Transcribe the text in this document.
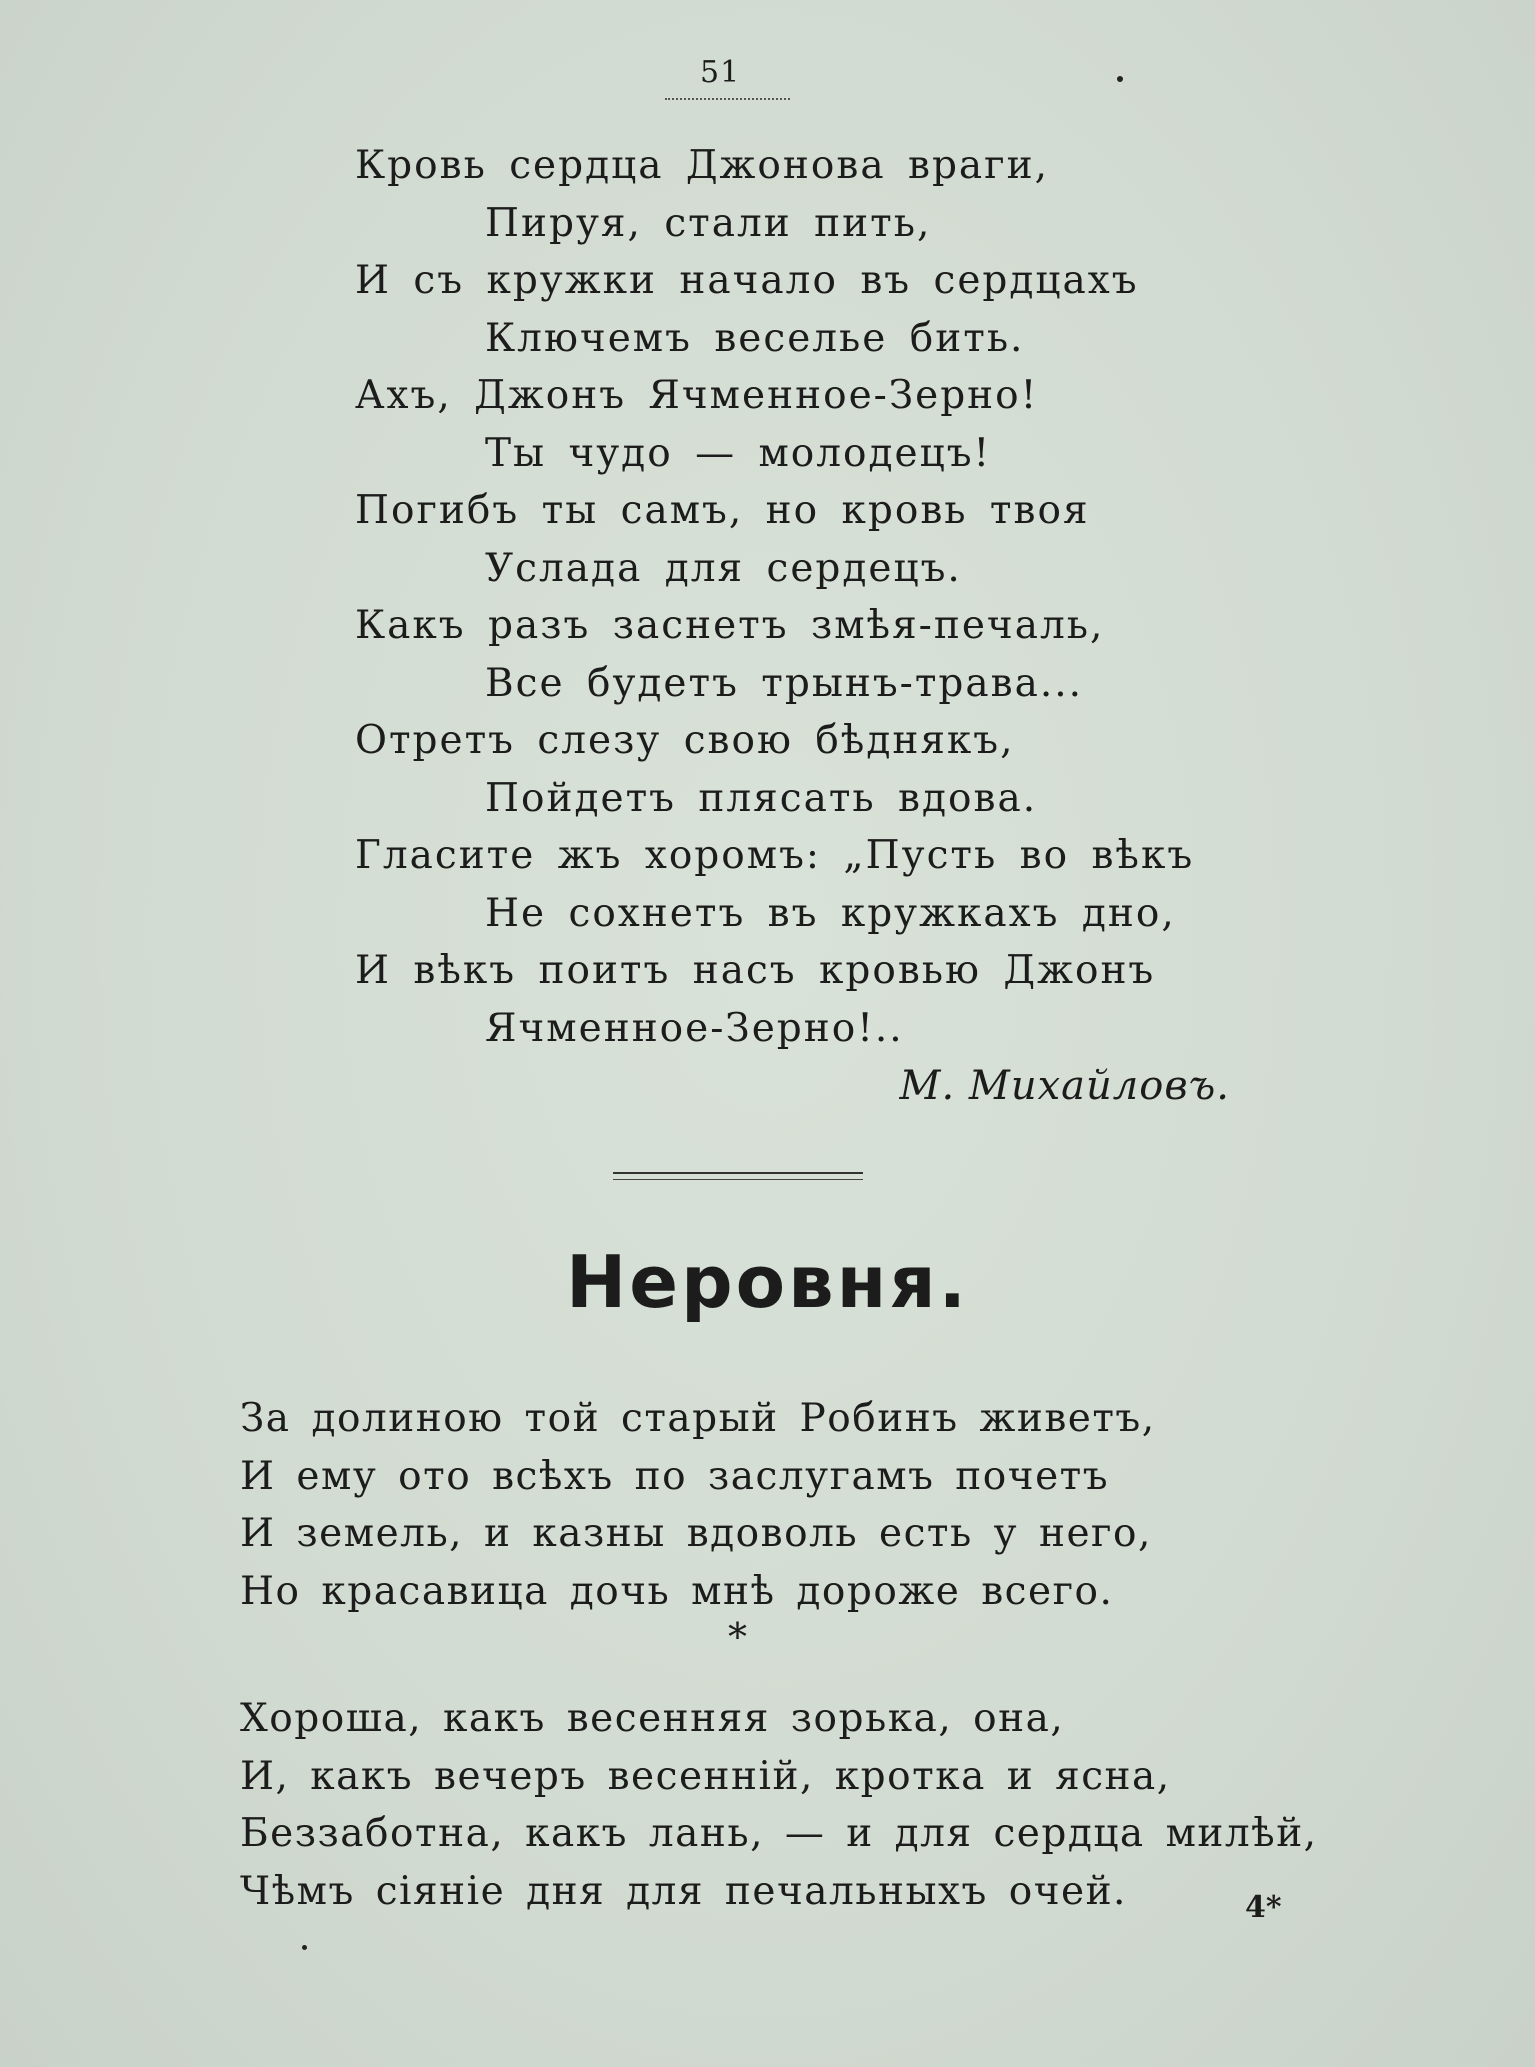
51
Кровь сердца Джонова враги,
Пируя, стали пить,
И съ кружки начало въ сердцахъ
Ключемъ веселье бить.
Ахъ, Джонъ Ячменное-Зерно!
Ты чудо — молодецъ!
Погибъ ты самъ, но кровь твоя
Услада для сердецъ.
Какъ разъ заснетъ змѣя-печаль,
Все будетъ трынъ-трава...
Отретъ слезу свою бѣднякъ,
Пойдетъ плясать вдова.
Гласите жъ хоромъ: „Пусть во вѣкъ
Не сохнетъ въ кружкахъ дно,
И вѣкъ поитъ насъ кровью Джонъ
Ячменное-Зерно!..
М. Михайловъ.
Неровня.
За долиною той старый Робинъ живетъ,
И ему ото всѣхъ по заслугамъ почетъ
И земель, и казны вдоволь есть у него,
Но красавица дочь мнѣ дороже всего.
*
Хороша, какъ весенняя зорька, она,
И, какъ вечеръ весенній, кротка и ясна,
Беззаботна, какъ лань, — и для сердца милѣй,
Чѣмъ сіяніе дня для печальныхъ очей.	4*
